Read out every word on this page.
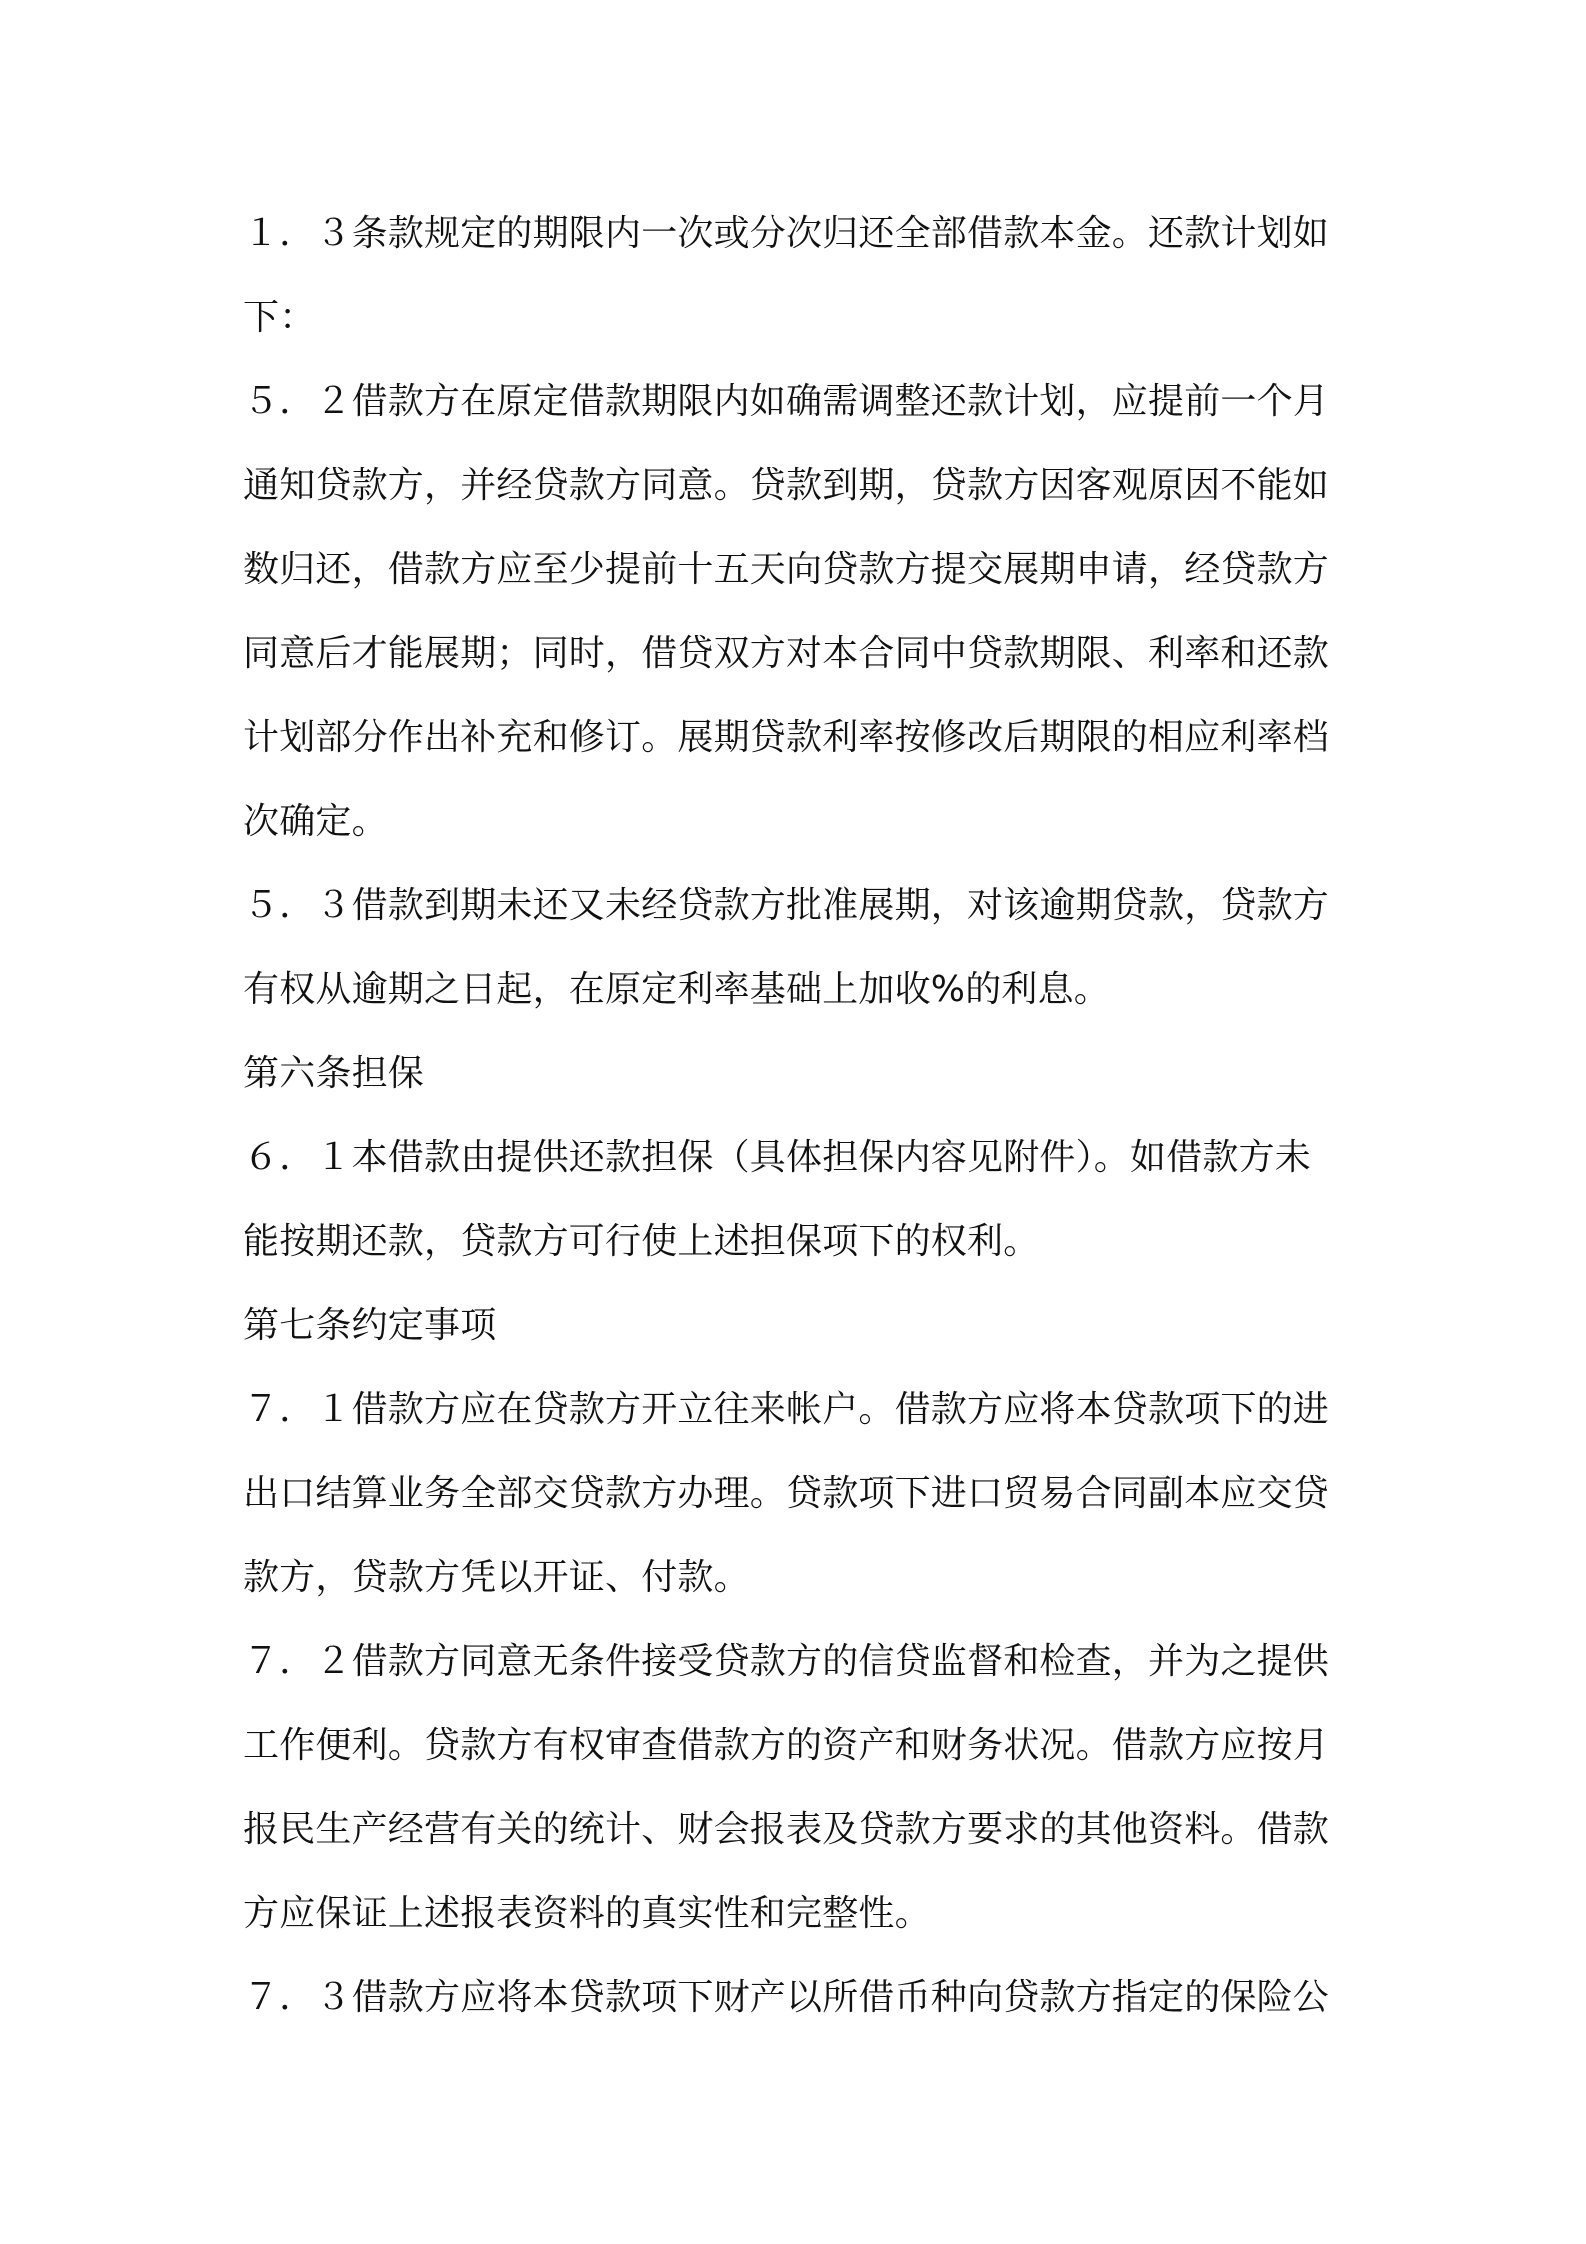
１．３条款规定的期限内一次或分次归还全部借款本金。还款计划如
下：
５．２借款方在原定借款期限内如确需调整还款计划，应提前一个月
通知贷款方，并经贷款方同意。贷款到期，贷款方因客观原因不能如
数归还，借款方应至少提前十五天向贷款方提交展期申请，经贷款方
同意后才能展期；同时，借贷双方对本合同中贷款期限、利率和还款
计划部分作出补充和修订。展期贷款利率按修改后期限的相应利率档
次确定。
５．３借款到期未还又未经贷款方批准展期，对该逾期贷款，贷款方
有权从逾期之日起，在原定利率基础上加收%的利息。
第六条担保
６．１本借款由提供还款担保（具体担保内容见附件）。如借款方未
能按期还款，贷款方可行使上述担保项下的权利。
第七条约定事项
７．１借款方应在贷款方开立往来帐户。借款方应将本贷款项下的进
出口结算业务全部交贷款方办理。贷款项下进口贸易合同副本应交贷
款方，贷款方凭以开证、付款。
７．２借款方同意无条件接受贷款方的信贷监督和检查，并为之提供
工作便利。贷款方有权审查借款方的资产和财务状况。借款方应按月
报民生产经营有关的统计、财会报表及贷款方要求的其他资料。借款
方应保证上述报表资料的真实性和完整性。
７．３借款方应将本贷款项下财产以所借币种向贷款方指定的保险公
